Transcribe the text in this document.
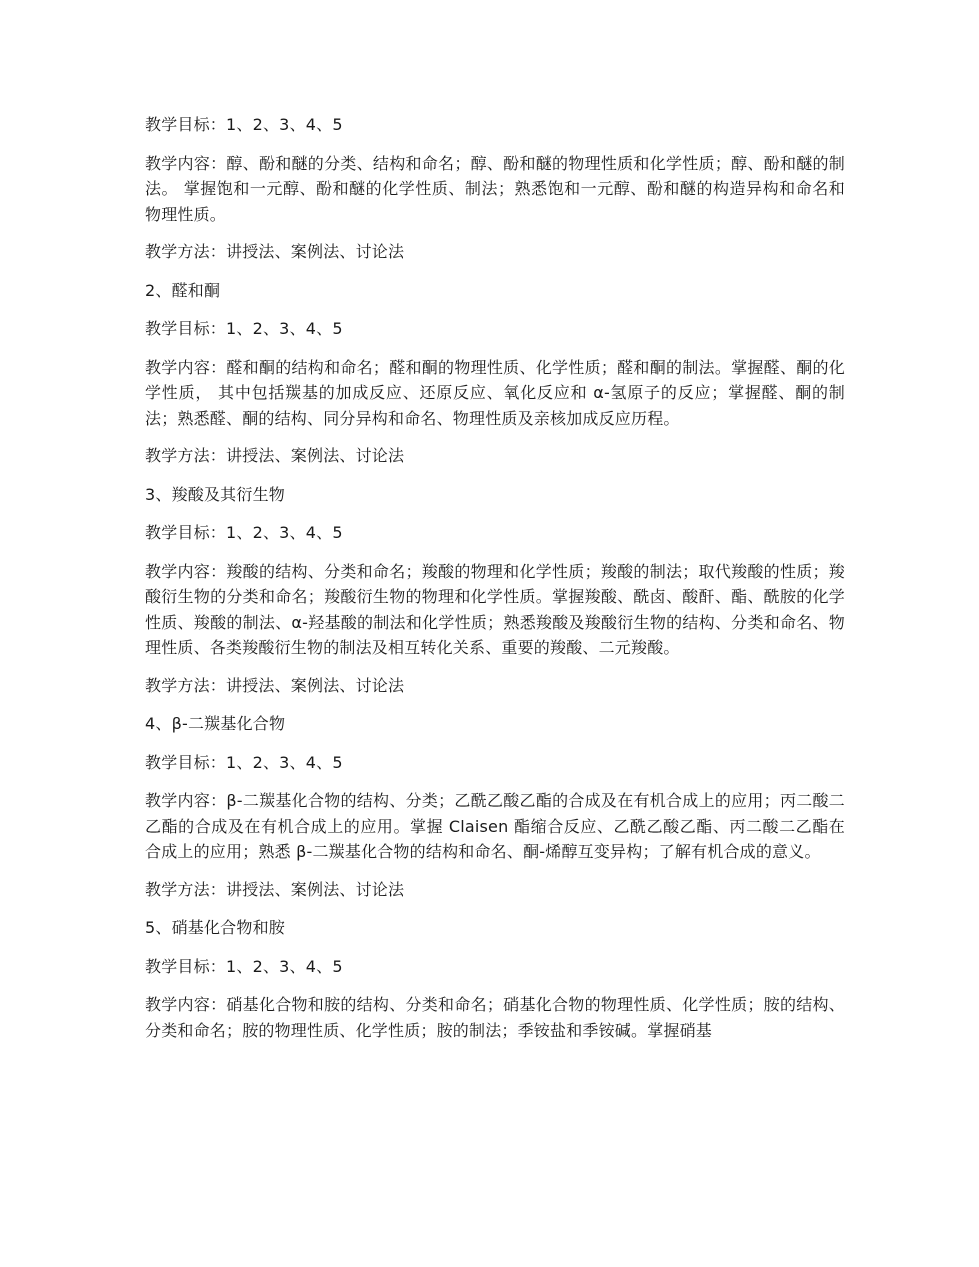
教学目标：1、2、3、4、5

教学内容：醇、酚和醚的分类、结构和命名；醇、酚和醚的物理性质和化学性质；醇、酚和醚的制法。 掌握饱和一元醇、酚和醚的化学性质、制法；熟悉饱和一元醇、酚和醚的构造异构和命名和物理性质。

教学方法：讲授法、案例法、讨论法

2、醛和酮

教学目标：1、2、3、4、5

教学内容：醛和酮的结构和命名；醛和酮的物理性质、化学性质；醛和酮的制法。掌握醛、酮的化学性质， 其中包括羰基的加成反应、还原反应、氧化反应和 α-氢原子的反应；掌握醛、酮的制法；熟悉醛、酮的结构、同分异构和命名、物理性质及亲核加成反应历程。

教学方法：讲授法、案例法、讨论法

3、羧酸及其衍生物

教学目标：1、2、3、4、5

教学内容：羧酸的结构、分类和命名；羧酸的物理和化学性质；羧酸的制法；取代羧酸的性质；羧酸衍生物的分类和命名；羧酸衍生物的物理和化学性质。掌握羧酸、酰卤、酸酐、酯、酰胺的化学性质、羧酸的制法、α-羟基酸的制法和化学性质；熟悉羧酸及羧酸衍生物的结构、分类和命名、物理性质、各类羧酸衍生物的制法及相互转化关系、重要的羧酸、二元羧酸。

教学方法：讲授法、案例法、讨论法

4、β-二羰基化合物

教学目标：1、2、3、4、5

教学内容：β-二羰基化合物的结构、分类；乙酰乙酸乙酯的合成及在有机合成上的应用；丙二酸二乙酯的合成及在有机合成上的应用。掌握 Claisen 酯缩合反应、乙酰乙酸乙酯、丙二酸二乙酯在合成上的应用；熟悉 β-二羰基化合物的结构和命名、酮-烯醇互变异构；了解有机合成的意义。

教学方法：讲授法、案例法、讨论法

5、硝基化合物和胺

教学目标：1、2、3、4、5

教学内容：硝基化合物和胺的结构、分类和命名；硝基化合物的物理性质、化学性质；胺的结构、分类和命名；胺的物理性质、化学性质；胺的制法；季铵盐和季铵碱。掌握硝基
